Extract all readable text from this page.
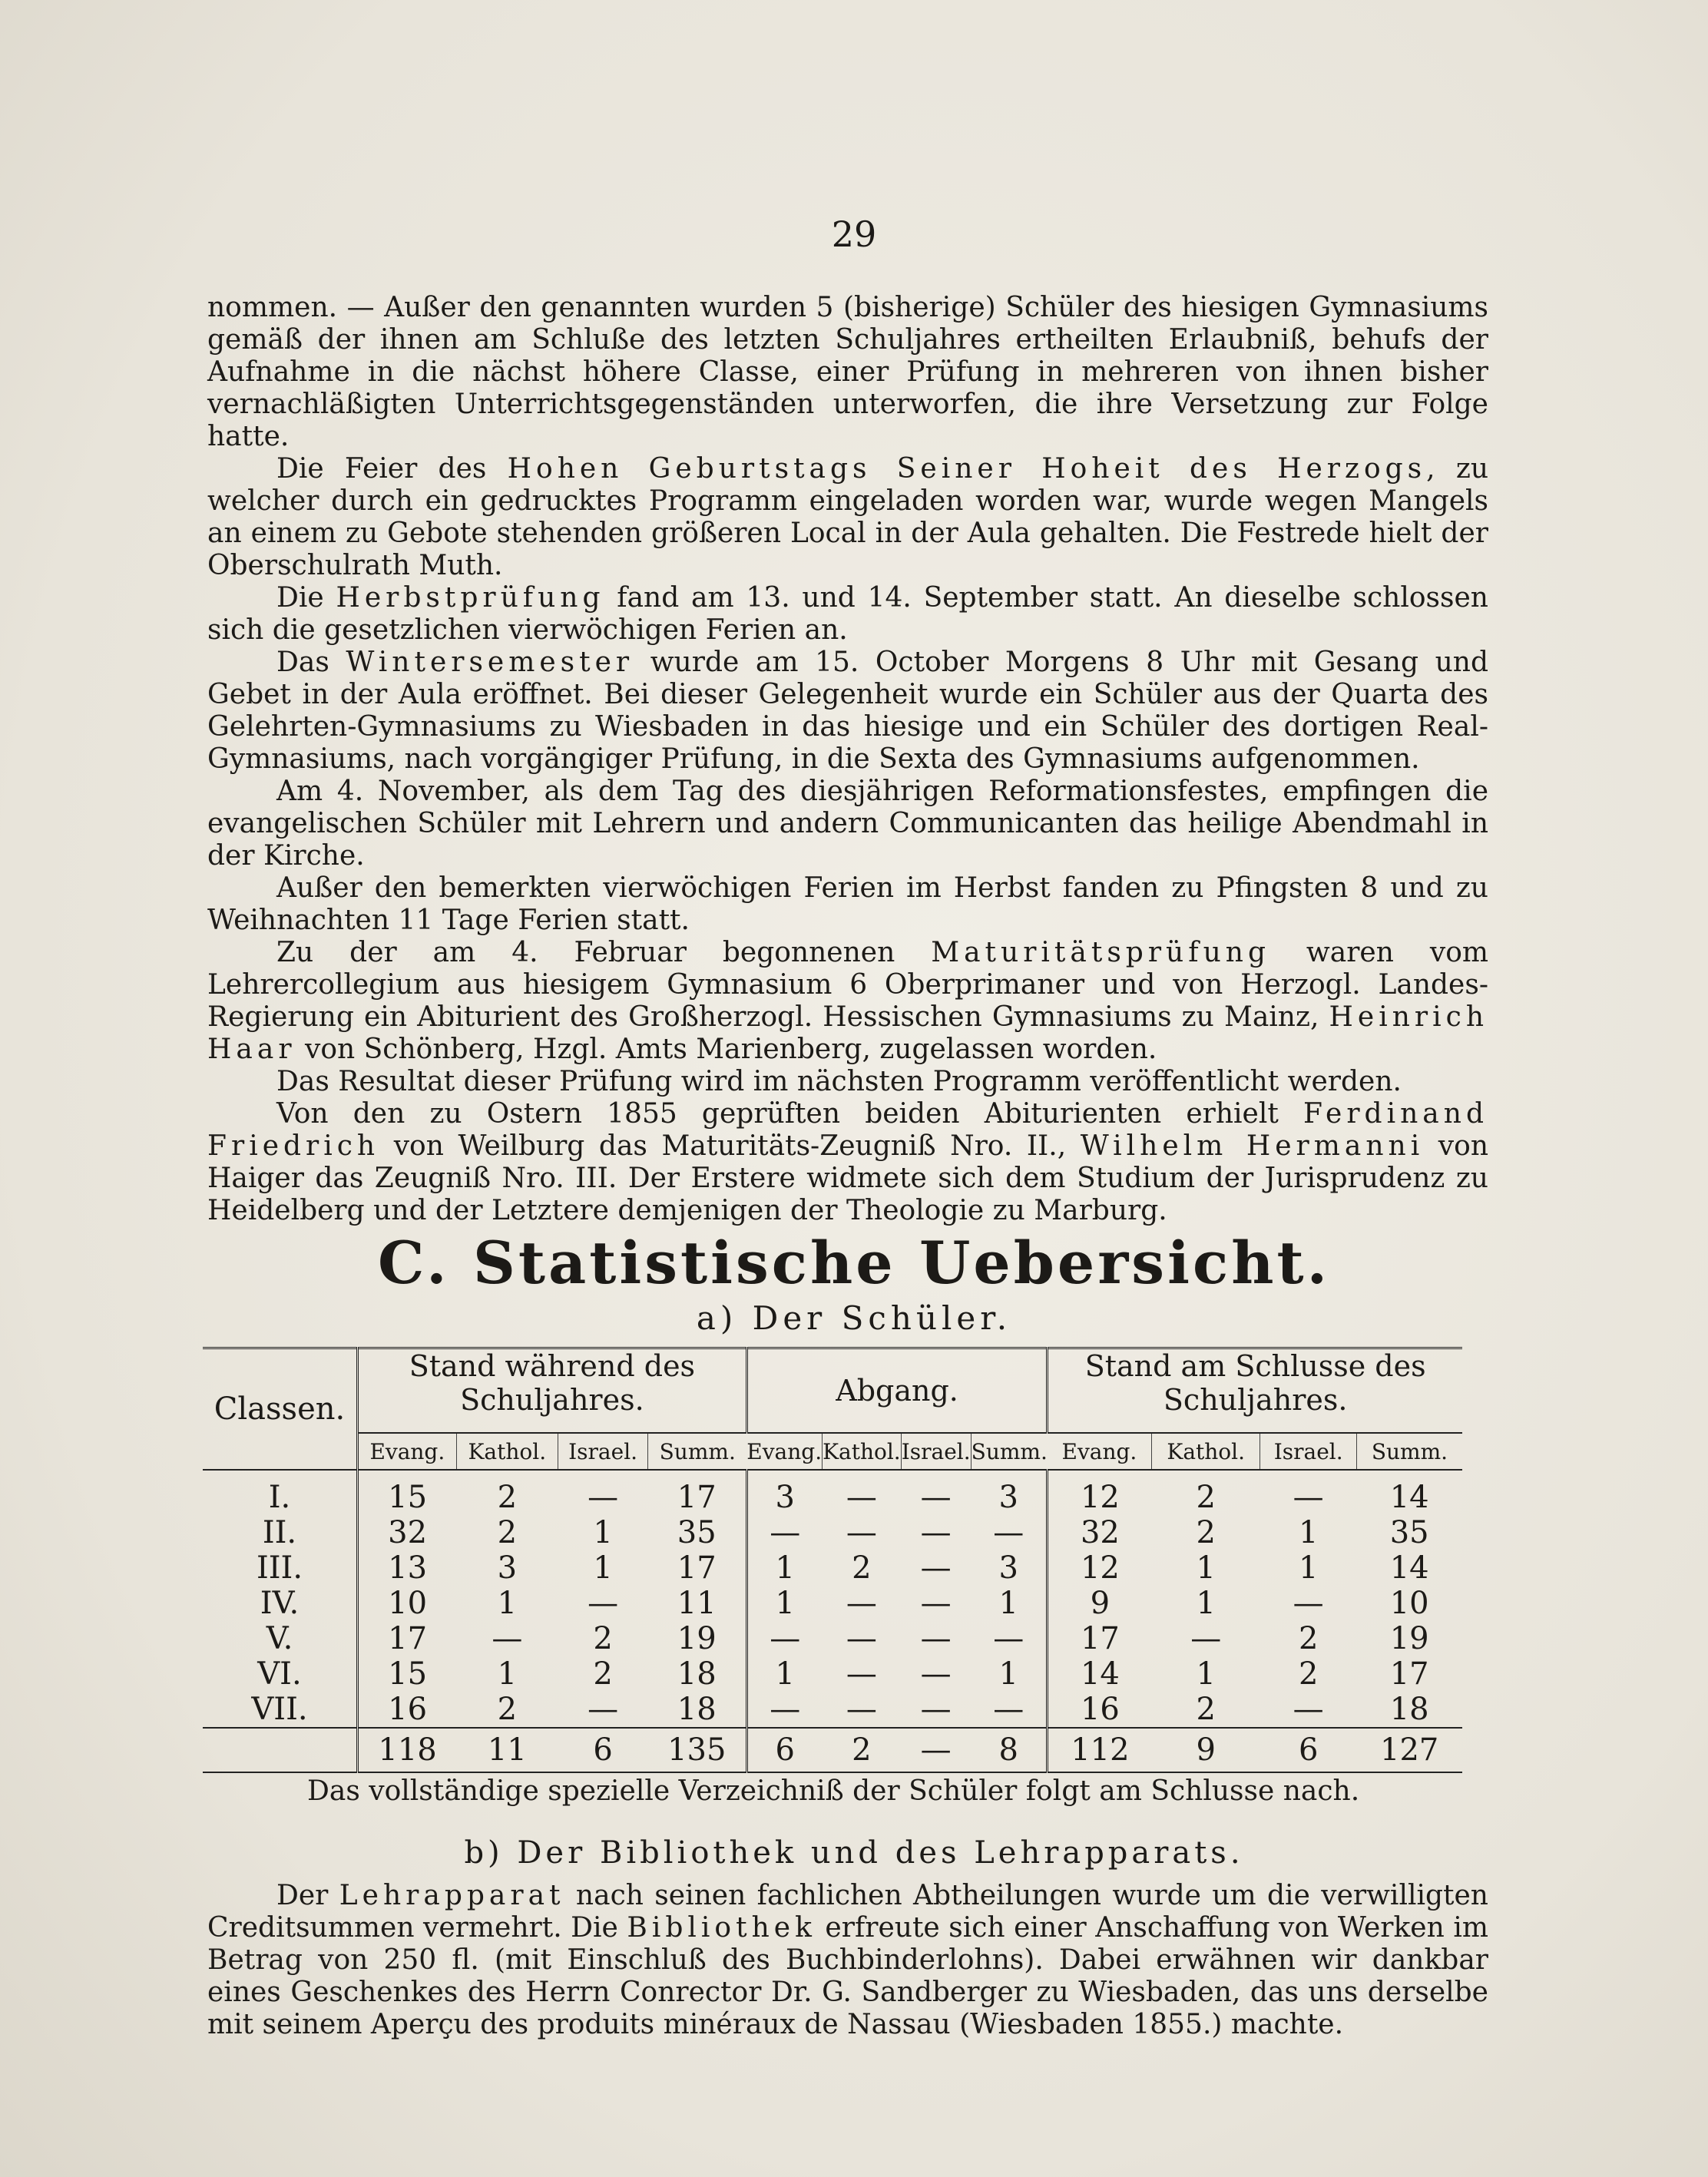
29

nommen. — Außer den genannten wurden 5 (bisherige) Schüler des hiesigen Gymnasiums gemäß der ihnen am Schluße des letzten Schuljahres ertheilten Erlaubniß, behufs der Aufnahme in die nächst höhere Classe, einer Prüfung in mehreren von ihnen bisher vernachläßigten Unterrichtsgegenständen unterworfen, die ihre Versetzung zur Folge hatte.

Die Feier des Hohen Geburtstags Seiner Hoheit des Herzogs, zu welcher durch ein gedrucktes Programm eingeladen worden war, wurde wegen Mangels an einem zu Gebote stehenden größeren Local in der Aula gehalten. Die Festrede hielt der Oberschulrath Muth.

Die Herbstprüfung fand am 13. und 14. September statt. An dieselbe schlossen sich die gesetzlichen vierwöchigen Ferien an.

Das Wintersemester wurde am 15. October Morgens 8 Uhr mit Gesang und Gebet in der Aula eröffnet. Bei dieser Gelegenheit wurde ein Schüler aus der Quarta des Gelehrten-Gymnasiums zu Wiesbaden in das hiesige und ein Schüler des dortigen Real-Gymnasiums, nach vorgängiger Prüfung, in die Sexta des Gymnasiums aufgenommen.

Am 4. November, als dem Tag des diesjährigen Reformationsfestes, empfingen die evangelischen Schüler mit Lehrern und andern Communicanten das heilige Abendmahl in der Kirche.

Außer den bemerkten vierwöchigen Ferien im Herbst fanden zu Pfingsten 8 und zu Weihnachten 11 Tage Ferien statt.

Zu der am 4. Februar begonnenen Maturitätsprüfung waren vom Lehrercollegium aus hiesigem Gymnasium 6 Oberprimaner und von Herzogl. Landes-Regierung ein Abiturient des Großherzogl. Hessischen Gymnasiums zu Mainz, Heinrich Haar von Schönberg, Hzgl. Amts Marienberg, zugelassen worden.

Das Resultat dieser Prüfung wird im nächsten Programm veröffentlicht werden.

Von den zu Ostern 1855 geprüften beiden Abiturienten erhielt Ferdinand Friedrich von Weilburg das Maturitäts-Zeugniß Nro. II., Wilhelm Hermanni von Haiger das Zeugniß Nro. III. Der Erstere widmete sich dem Studium der Jurisprudenz zu Heidelberg und der Letztere demjenigen der Theologie zu Marburg.

C. Statistische Uebersicht.
a) Der Schüler.
Classen.	Stand während des Schuljahres.				Abgang.				Stand am Schlusse des Schuljahres.			
	Evang.	Kathol.	Israel.	Summ.	Evang.	Kathol.	Israel.	Summ.	Evang.	Kathol.	Israel.	Summ.
I.	15	2	—	17	3	—	—	3	12	2	—	14
II.	32	2	1	35	—	—	—	—	32	2	1	35
III.	13	3	1	17	1	2	—	3	12	1	1	14
IV.	10	1	—	11	1	—	—	1	9	1	—	10
V.	17	—	2	19	—	—	—	—	17	—	2	19
VI.	15	1	2	18	1	—	—	1	14	1	2	17
VII.	16	2	—	18	—	—	—	—	16	2	—	18
	118	11	6	135	6	2	—	8	112	9	6	127
Das vollständige spezielle Verzeichniß der Schüler folgt am Schlusse nach.
b) Der Bibliothek und des Lehrapparats.

Der Lehrapparat nach seinen fachlichen Abtheilungen wurde um die verwilligten Creditsummen vermehrt. Die Bibliothek erfreute sich einer Anschaffung von Werken im Betrag von 250 fl. (mit Einschluß des Buchbinderlohns). Dabei erwähnen wir dankbar eines Geschenkes des Herrn Conrector Dr. G. Sandberger zu Wiesbaden, das uns derselbe mit seinem Aperçu des produits minéraux de Nassau (Wiesbaden 1855.) machte.
